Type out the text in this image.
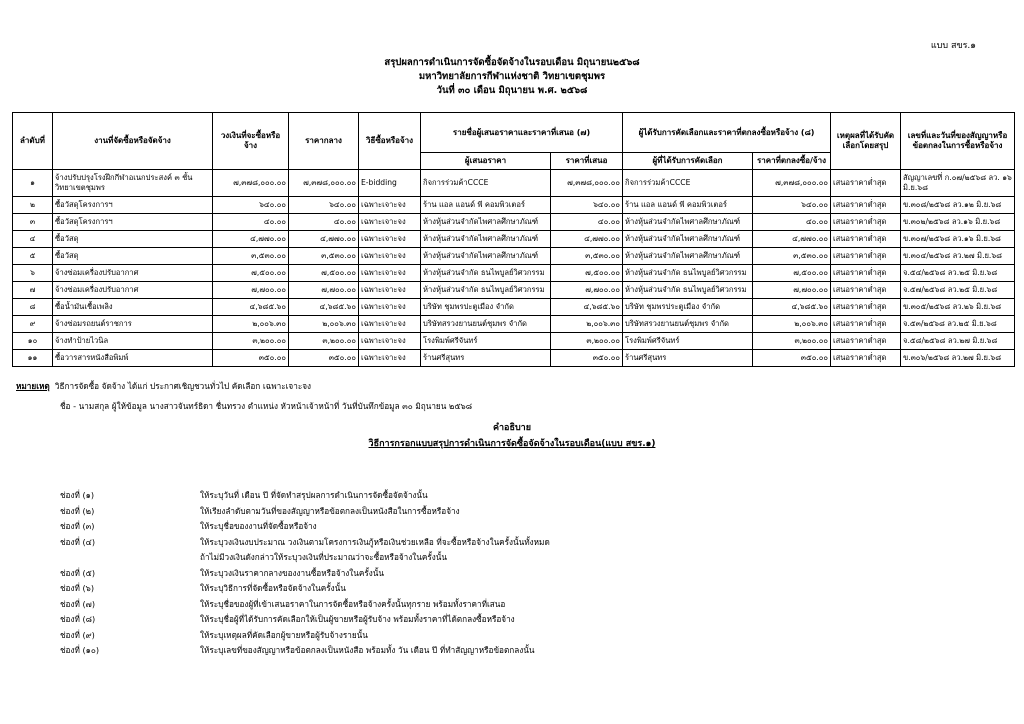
แบบ สขร.๑
สรุปผลการดำเนินการจัดซื้อจัดจ้างในรอบเดือน มิถุนายน๒๕๖๘
มหาวิทยาลัยการกีฬาแห่งชาติ วิทยาเขตชุมพร
วันที่ ๓๐ เดือน มิถุนายน พ.ศ. ๒๕๖๘
ลำดับที่	งานที่จัดซื้อหรือจัดจ้าง	วงเงินที่จะซื้อหรือจ้าง	ราคากลาง	วิธีซื้อหรือจ้าง	รายชื่อผู้เสนอราคาและราคาที่เสนอ (๗)		ผู้ได้รับการคัดเลือกและราคาที่ตกลงซื้อหรือจ้าง (๘)		เหตุผลที่ได้รับคัดเลือกโดยสรุป	เลขที่และวันที่ของสัญญาหรือข้อตกลงในการซื้อหรือจ้าง
					ผู้เสนอราคา	ราคาที่เสนอ	ผู้ที่ได้รับการคัดเลือก	ราคาที่ตกลงซื้อ/จ้าง		
๑	จ้างปรับปรุงโรงฝึกกีฬาอเนกประสงค์ ๓ ชั้น วิทยาเขตชุมพร	๗,๓๗๘,๐๐๐.๐๐	๗,๓๗๘,๐๐๐.๐๐	E-bidding	กิจการร่วมค้าCCCE	๗,๓๗๘,๐๐๐.๐๐	กิจการร่วมค้าCCCE	๗,๓๗๘,๐๐๐.๐๐	เสนอราคาต่ำสุด	สัญญาเลขที่ ก.๐๗/๒๕๖๘ ลว. ๑๖ มิ.ย.๖๘
๒	ซื้อวัสดุโครงการฯ	๖๔๐.๐๐	๖๔๐.๐๐	เฉพาะเจาะจง	ร้าน แอล แอนด์ พี คอมพิวเตอร์	๖๔๐.๐๐	ร้าน แอล แอนด์ พี คอมพิวเตอร์	๖๔๐.๐๐	เสนอราคาต่ำสุด	ข.๓๐๘/๒๕๖๘ ลว.๑๒ มิ.ย.๖๘
๓	ซื้อวัสดุโครงการฯ	๔๐.๐๐	๔๐.๐๐	เฉพาะเจาะจง	ห้างหุ้นส่วนจำกัดไพศาลศึกษาภัณฑ์	๔๐.๐๐	ห้างหุ้นส่วนจำกัดไพศาลศึกษาภัณฑ์	๔๐.๐๐	เสนอราคาต่ำสุด	ข.๓๐๒/๒๕๖๘ ลว.๑๖ มิ.ย.๖๘
๔	ซื้อวัสดุ	๔,๗๗๐.๐๐	๔,๗๗๐.๐๐	เฉพาะเจาะจง	ห้างหุ้นส่วนจำกัดไพศาลศึกษาภัณฑ์	๔,๗๗๐.๐๐	ห้างหุ้นส่วนจำกัดไพศาลศึกษาภัณฑ์	๔,๗๗๐.๐๐	เสนอราคาต่ำสุด	ข.๓๐๗/๒๕๖๘ ลว.๑๖ มิ.ย.๖๘
๕	ซื้อวัสดุ	๓,๕๓๐.๐๐	๓,๕๓๐.๐๐	เฉพาะเจาะจง	ห้างหุ้นส่วนจำกัดไพศาลศึกษาภัณฑ์	๓,๕๓๐.๐๐	ห้างหุ้นส่วนจำกัดไพศาลศึกษาภัณฑ์	๓,๕๓๐.๐๐	เสนอราคาต่ำสุด	ข.๓๐๔/๒๕๖๘ ลว.๒๗ มิ.ย.๖๘
๖	จ้างซ่อมเครื่องปรับอากาศ	๗,๕๐๐.๐๐	๗,๕๐๐.๐๐	เฉพาะเจาะจง	ห้างหุ้นส่วนจำกัด ธนไพบูลย์วิศวกรรม	๗,๕๐๐.๐๐	ห้างหุ้นส่วนจำกัด ธนไพบูลย์วิศวกรรม	๗,๕๐๐.๐๐	เสนอราคาต่ำสุด	จ.๕๔/๒๕๖๘ ลว.๒๕ มิ.ย.๖๘
๗	จ้างซ่อมเครื่องปรับอากาศ	๗,๗๐๐.๐๐	๗,๗๐๐.๐๐	เฉพาะเจาะจง	ห้างหุ้นส่วนจำกัด ธนไพบูลย์วิศวกรรม	๗,๗๐๐.๐๐	ห้างหุ้นส่วนจำกัด ธนไพบูลย์วิศวกรรม	๗,๗๐๐.๐๐	เสนอราคาต่ำสุด	จ.๕๗/๒๕๖๘ ลว.๒๕ มิ.ย.๖๘
๘	ซื้อน้ำมันเชื้อเพลิง	๔,๖๘๕.๖๐	๔,๖๘๕.๖๐	เฉพาะเจาะจง	บริษัท ชุมพรปะตูเมือง จำกัด	๔,๖๘๕.๖๐	บริษัท ชุมพรประตูเมือง จำกัด	๔,๖๘๕.๖๐	เสนอราคาต่ำสุด	ข.๓๐๕/๒๕๖๘ ลว.๒๖ มิ.ย.๖๘
๙	จ้างซ่อมรถยนต์ราชการ	๒,๐๐๖.๓๐	๒,๐๐๖.๓๐	เฉพาะเจาะจง	บริษัทสรวงยานยนต์ชุมพร จำกัด	๒,๐๐๖.๓๐	บริษัทสรวงยานยนต์ชุมพร จำกัด	๒,๐๐๖.๓๐	เสนอราคาต่ำสุด	จ.๕๓/๒๕๖๘ ลว.๒๕ มิ.ย.๖๘
๑๐	จ้างทำป้ายไวนิล	๓,๒๐๐.๐๐	๓,๒๐๐.๐๐	เฉพาะเจาะจง	โรงพิมพ์ศรีจันทร์	๓,๒๐๐.๐๐	โรงพิมพ์ศรีจันทร์	๓,๒๐๐.๐๐	เสนอราคาต่ำสุด	จ.๕๘/๒๕๖๘ ลว.๒๗ มิ.ย.๖๘
๑๑	ซื้อวารสารหนังสือพิมพ์	๓๕๐.๐๐	๓๕๐.๐๐	เฉพาะเจาะจง	ร้านศรีสุนทร	๓๕๐.๐๐	ร้านศรีสุนทร	๓๕๐.๐๐	เสนอราคาต่ำสุด	ข.๓๐๖/๒๕๖๘ ลว.๒๗ มิ.ย.๖๘
หมายเหตุ วิธีการจัดซื้อ จัดจ้าง ได้แก่ ประกาศเชิญชวนทั่วไป คัดเลือก เฉพาะเจาะจง
ชื่อ - นามสกุล ผู้ให้ข้อมูล นางสาวจันทร์ธิดา ชื่นทรวง ตำแหน่ง หัวหน้าเจ้าหน้าที่ วันที่บันทึกข้อมูล ๓๐ มิถุนายน ๒๕๖๘
คำอธิบาย
วิธีการกรอกแบบสรุปการดำเนินการจัดซื้อจัดจ้างในรอบเดือน(แบบ สขร.๑)
ช่องที่ (๑)	ให้ระบุวันที่ เดือน ปี ที่จัดทำสรุปผลการดำเนินการจัดซื้อจัดจ้างนั้น
ช่องที่ (๒)	ให้เรียงลำดับตามวันที่ของสัญญาหรือข้อตกลงเป็นหนังสือในการซื้อหรือจ้าง
ช่องที่ (๓)	ให้ระบุชื่อของงานที่จัดซื้อหรือจ้าง
ช่องที่ (๔)	ให้ระบุวงเงินงบประมาณ วงเงินตามโครงการเงินกู้หรือเงินช่วยเหลือ ที่จะซื้อหรือจ้างในครั้งนั้นทั้งหมด
ถ้าไม่มีวงเงินดังกล่าวให้ระบุวงเงินที่ประมาณว่าจะซื้อหรือจ้างในครั้งนั้น
ช่องที่ (๕)	ให้ระบุวงเงินราคากลางของงานซื้อหรือจ้างในครั้งนั้น
ช่องที่ (๖)	ให้ระบุวิธีการที่จัดซื้อหรือจัดจ้างในครั้งนั้น
ช่องที่ (๗)	ให้ระบุชื่อของผู้ที่เข้าเสนอราคาในการจัดซื้อหรือจ้างครั้งนั้นทุกราย พร้อมทั้งราคาที่เสนอ
ช่องที่ (๘)	ให้ระบุชื่อผู้ที่ได้รับการคัดเลือกให้เป็นผู้ขายหรือผู้รับจ้าง พร้อมทั้งราคาที่ได้ตกลงซื้อหรือจ้าง
ช่องที่ (๙)	ให้ระบุเหตุผลที่คัดเลือกผู้ขายหรือผู้รับจ้างรายนั้น
ช่องที่ (๑๐)	ให้ระบุเลขที่ของสัญญาหรือข้อตกลงเป็นหนังสือ พร้อมทั้ง วัน เดือน ปี ที่ทำสัญญาหรือข้อตกลงนั้น
